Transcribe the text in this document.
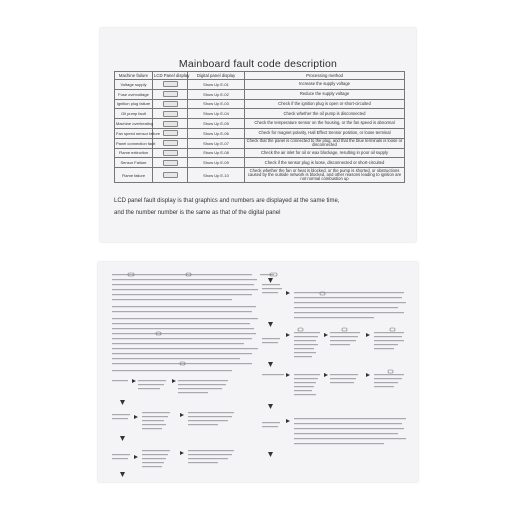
Mainboard fault code description
Machine failure	LCD Panel display	Digital panel display	Processing method
Voltage supply		Show Up E-01	Increase the supply voltage
Fuse overvoltage		Show Up E-02	Reduce the supply voltage
Ignition plug failure		Show Up E-03	Check if the ignition plug is open or short-circuited
Oil pump fault		Show Up E-04	Check whether the oil pump is disconnected
Machine overheating		Show Up E-05	Check the temperature sensor on the housing, or the fan speed is abnormal
Fan speed sensor failure		Show Up E-06	Check for magnet polarity, Hall Effect Sensor position, or loose terminal
Panel connection fault		Show Up E-07	Check that the panel is connected to the plug, and that the blue terminals is loose or disconnected
Flame extinction		Show Up E-08	Check the air inlet for oil or wax blockage, resulting in poor oil supply
Sensor Failure		Show Up E-09	Check if the sensor plug is loose, disconnected or short-circuited
Flame failure		Show Up E-10	Check whether the fan or heat is blocked, or the pump is shorted, or obstructions caused by the outside network is blocked, and other reasons leading to ignition are not normal combustion up
LCD panel fault display is that graphics and numbers are displayed at the same time,
and the number number is the same as that of the digital panel
